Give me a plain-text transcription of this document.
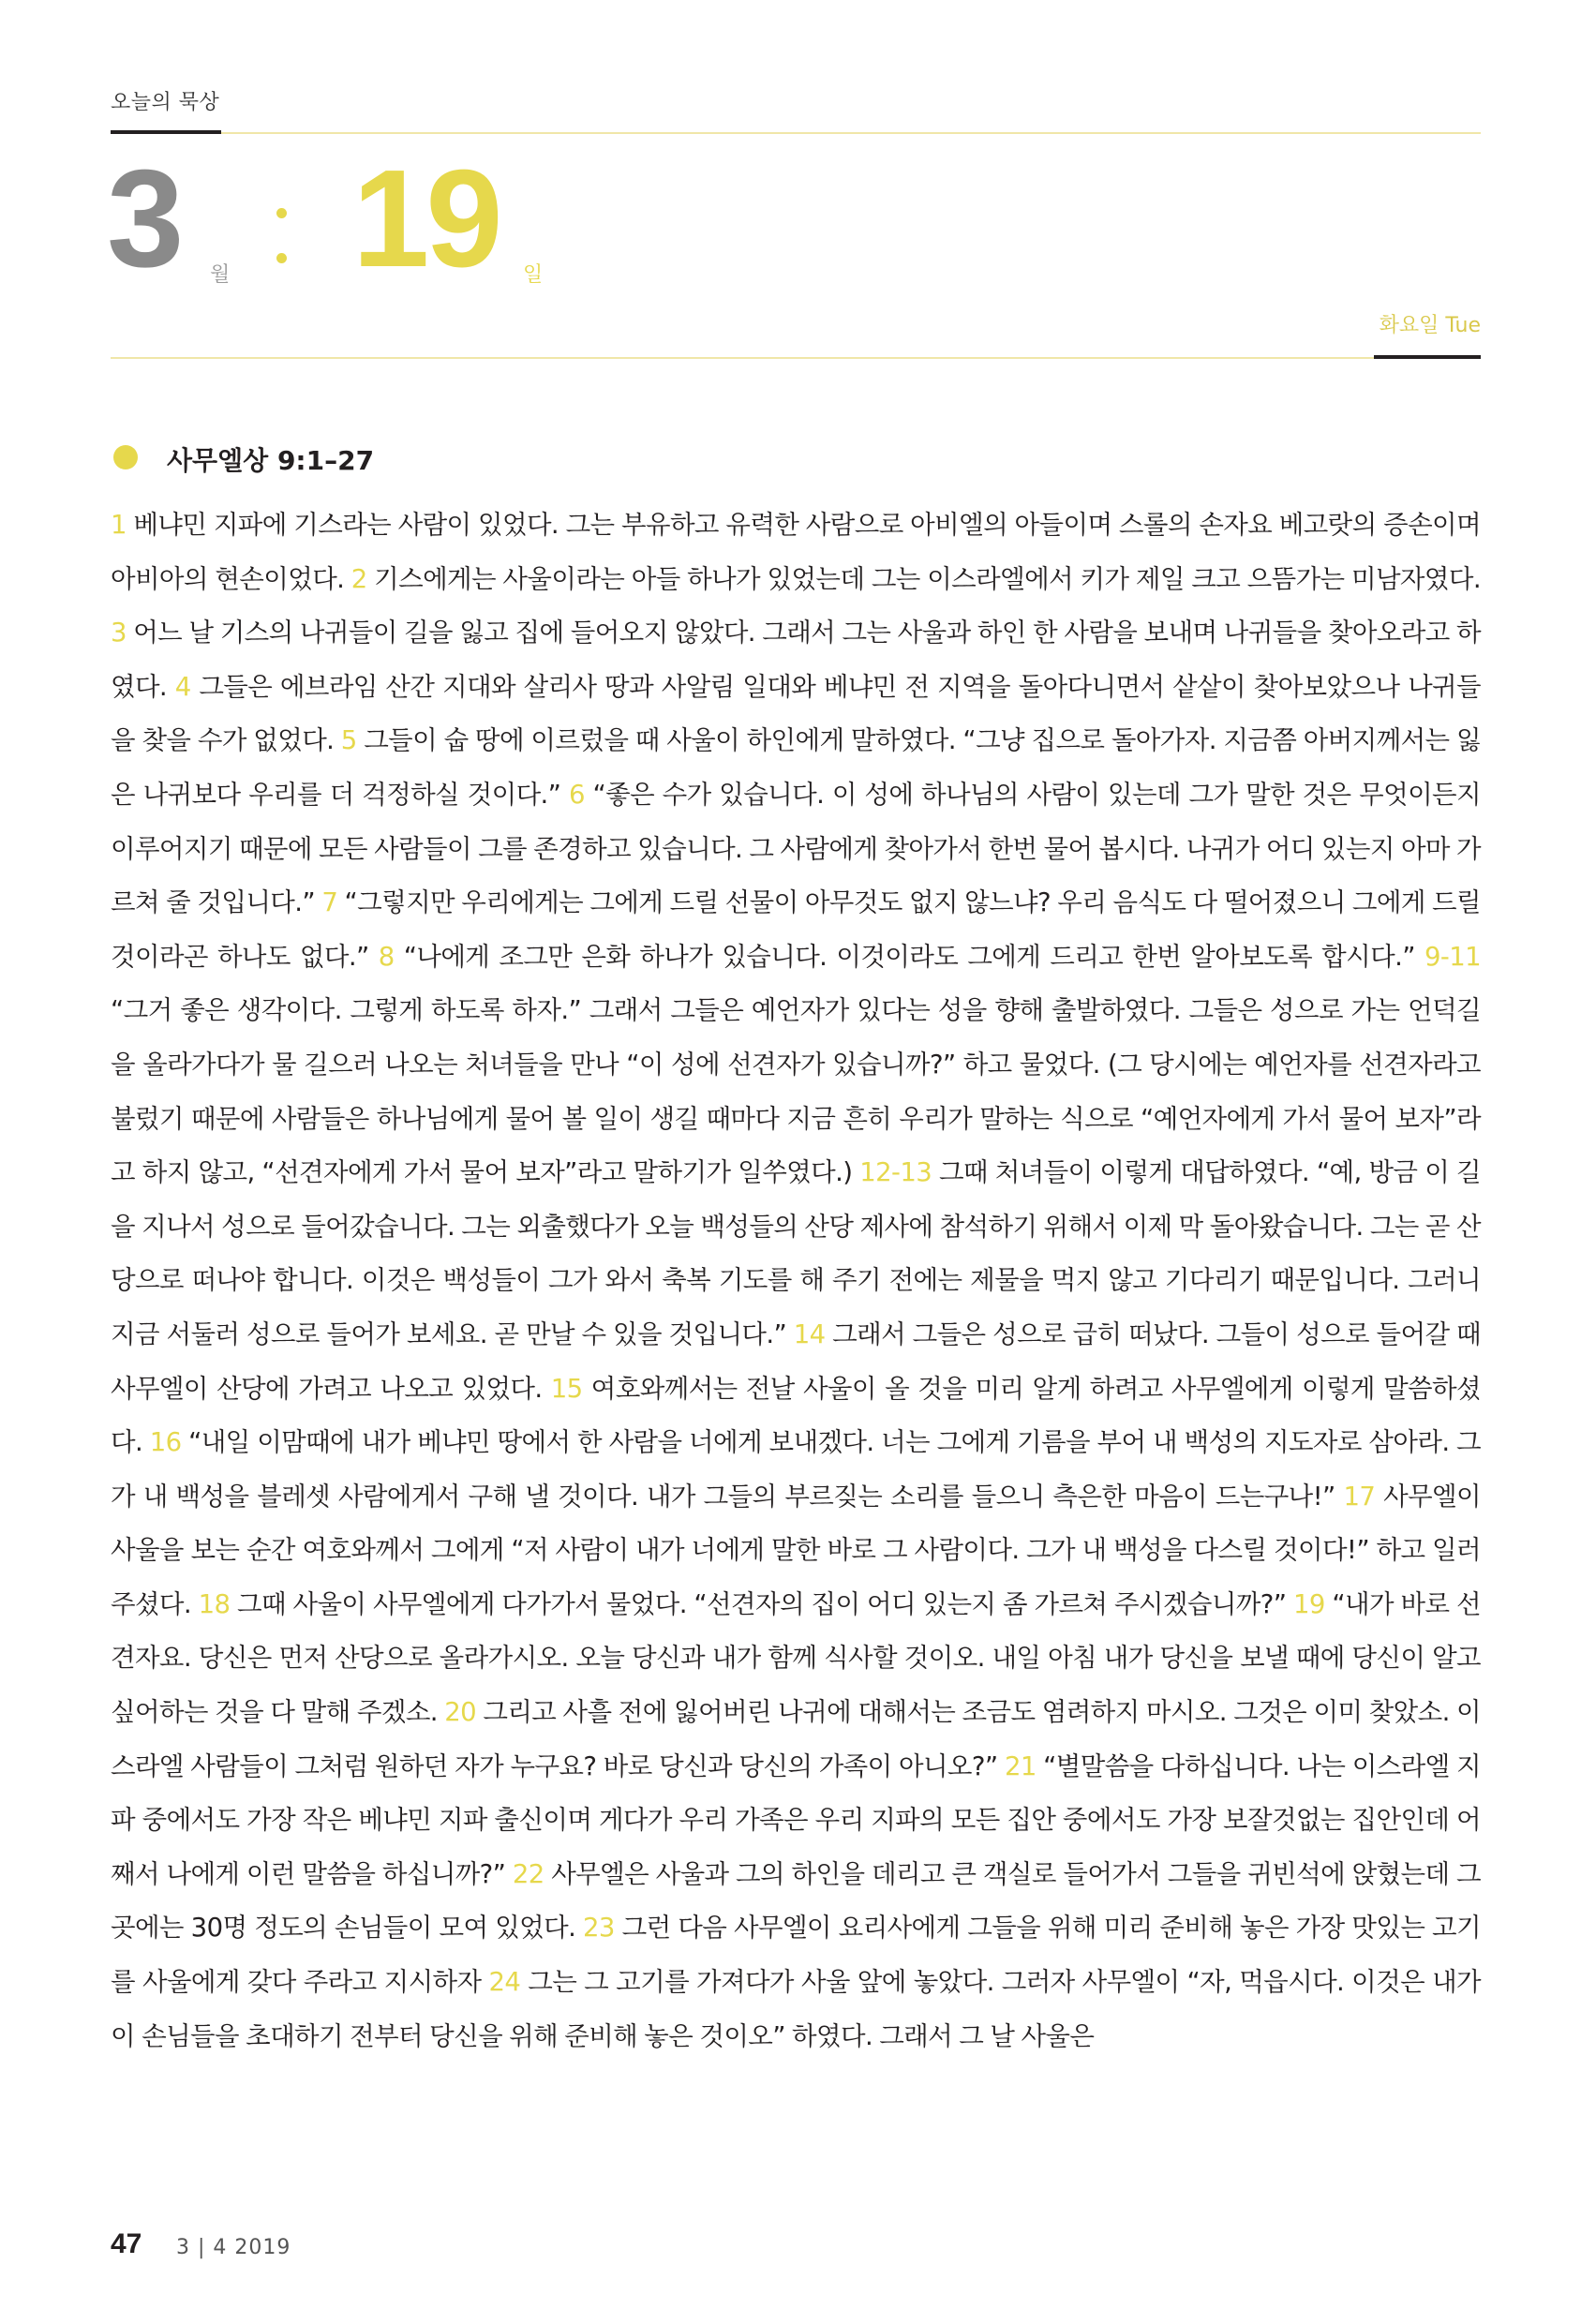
오늘의 묵상
3 월 19 일
화요일 Tue
사무엘상 9:1–27
1 베냐민 지파에 기스라는 사람이 있었다. 그는 부유하고 유력한 사람으로 아비엘의 아들이며 스롤의 손자요 베고랏의 증손이며 아비아의 현손이었다. 2 기스에게는 사울이라는 아들 하나가 있었는데 그는 이스라엘에서 키가 제일 크고 으뜸가는 미남자였다. 3 어느 날 기스의 나귀들이 길을 잃고 집에 들어오지 않았다. 그래서 그는 사울과 하인 한 사람을 보내며 나귀들을 찾아오라고 하였다. 4 그들은 에브라임 산간 지대와 살리사 땅과 사알림 일대와 베냐민 전 지역을 돌아다니면서 샅샅이 찾아보았으나 나귀들을 찾을 수가 없었다. 5 그들이 숩 땅에 이르렀을 때 사울이 하인에게 말하였다. “그냥 집으로 돌아가자. 지금쯤 아버지께서는 잃은 나귀보다 우리를 더 걱정하실 것이다.” 6 “좋은 수가 있습니다. 이 성에 하나님의 사람이 있는데 그가 말한 것은 무엇이든지 이루어지기 때문에 모든 사람들이 그를 존경하고 있습니다. 그 사람에게 찾아가서 한번 물어 봅시다. 나귀가 어디 있는지 아마 가르쳐 줄 것입니다.” 7 “그렇지만 우리에게는 그에게 드릴 선물이 아무것도 없지 않느냐? 우리 음식도 다 떨어졌으니 그에게 드릴 것이라곤 하나도 없다.” 8 “나에게 조그만 은화 하나가 있습니다. 이것이라도 그에게 드리고 한번 알아보도록 합시다.” 9-11 “그거 좋은 생각이다. 그렇게 하도록 하자.” 그래서 그들은 예언자가 있다는 성을 향해 출발하였다. 그들은 성으로 가는 언덕길을 올라가다가 물 길으러 나오는 처녀들을 만나 “이 성에 선견자가 있습니까?” 하고 물었다. (그 당시에는 예언자를 선견자라고 불렀기 때문에 사람들은 하나님에게 물어 볼 일이 생길 때마다 지금 흔히 우리가 말하는 식으로 “예언자에게 가서 물어 보자”라고 하지 않고, “선견자에게 가서 물어 보자”라고 말하기가 일쑤였다.) 12-13 그때 처녀들이 이렇게 대답하였다. “예, 방금 이 길을 지나서 성으로 들어갔습니다. 그는 외출했다가 오늘 백성들의 산당 제사에 참석하기 위해서 이제 막 돌아왔습니다. 그는 곧 산당으로 떠나야 합니다. 이것은 백성들이 그가 와서 축복 기도를 해 주기 전에는 제물을 먹지 않고 기다리기 때문입니다. 그러니 지금 서둘러 성으로 들어가 보세요. 곧 만날 수 있을 것입니다.” 14 그래서 그들은 성으로 급히 떠났다. 그들이 성으로 들어갈 때 사무엘이 산당에 가려고 나오고 있었다. 15 여호와께서는 전날 사울이 올 것을 미리 알게 하려고 사무엘에게 이렇게 말씀하셨다. 16 “내일 이맘때에 내가 베냐민 땅에서 한 사람을 너에게 보내겠다. 너는 그에게 기름을 부어 내 백성의 지도자로 삼아라. 그가 내 백성을 블레셋 사람에게서 구해 낼 것이다. 내가 그들의 부르짖는 소리를 들으니 측은한 마음이 드는구나!” 17 사무엘이 사울을 보는 순간 여호와께서 그에게 “저 사람이 내가 너에게 말한 바로 그 사람이다. 그가 내 백성을 다스릴 것이다!” 하고 일러 주셨다. 18 그때 사울이 사무엘에게 다가가서 물었다. “선견자의 집이 어디 있는지 좀 가르쳐 주시겠습니까?” 19 “내가 바로 선견자요. 당신은 먼저 산당으로 올라가시오. 오늘 당신과 내가 함께 식사할 것이오. 내일 아침 내가 당신을 보낼 때에 당신이 알고 싶어하는 것을 다 말해 주겠소. 20 그리고 사흘 전에 잃어버린 나귀에 대해서는 조금도 염려하지 마시오. 그것은 이미 찾았소. 이스라엘 사람들이 그처럼 원하던 자가 누구요? 바로 당신과 당신의 가족이 아니오?” 21 “별말씀을 다하십니다. 나는 이스라엘 지파 중에서도 가장 작은 베냐민 지파 출신이며 게다가 우리 가족은 우리 지파의 모든 집안 중에서도 가장 보잘것없는 집안인데 어째서 나에게 이런 말씀을 하십니까?” 22 사무엘은 사울과 그의 하인을 데리고 큰 객실로 들어가서 그들을 귀빈석에 앉혔는데 그 곳에는 30명 정도의 손님들이 모여 있었다. 23 그런 다음 사무엘이 요리사에게 그들을 위해 미리 준비해 놓은 가장 맛있는 고기를 사울에게 갖다 주라고 지시하자 24 그는 그 고기를 가져다가 사울 앞에 놓았다. 그러자 사무엘이 “자, 먹읍시다. 이것은 내가 이 손님들을 초대하기 전부터 당신을 위해 준비해 놓은 것이오” 하였다. 그래서 그 날 사울은
47 3 | 4 2019
